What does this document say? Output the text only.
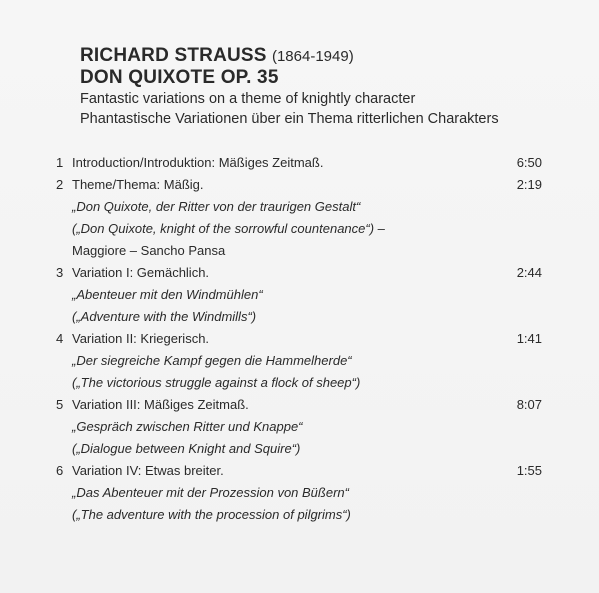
RICHARD STRAUSS (1864-1949)
DON QUIXOTE OP. 35
Fantastic variations on a theme of knightly character
Phantastische Variationen über ein Thema ritterlichen Charakters
1 Introduction/Introduktion: Mäßiges Zeitmaß.	6:50
2 Theme/Thema: Mäßig.	2:19
„Don Quixote, der Ritter von der traurigen Gestalt“
(„Don Quixote, knight of the sorrowful countenance“) –
Maggiore – Sancho Pansa
3 Variation I: Gemächlich.	2:44
„Abenteuer mit den Windmühlen“
(„Adventure with the Windmills“)
4 Variation II: Kriegerisch.	1:41
„Der siegreiche Kampf gegen die Hammelherde“
(„The victorious struggle against a flock of sheep“)
5 Variation III: Mäßiges Zeitmaß.	8:07
„Gespräch zwischen Ritter und Knappe“
(„Dialogue between Knight and Squire“)
6 Variation IV: Etwas breiter.	1:55
„Das Abenteuer mit der Prozession von Büßern“
(„The adventure with the procession of pilgrims“)
